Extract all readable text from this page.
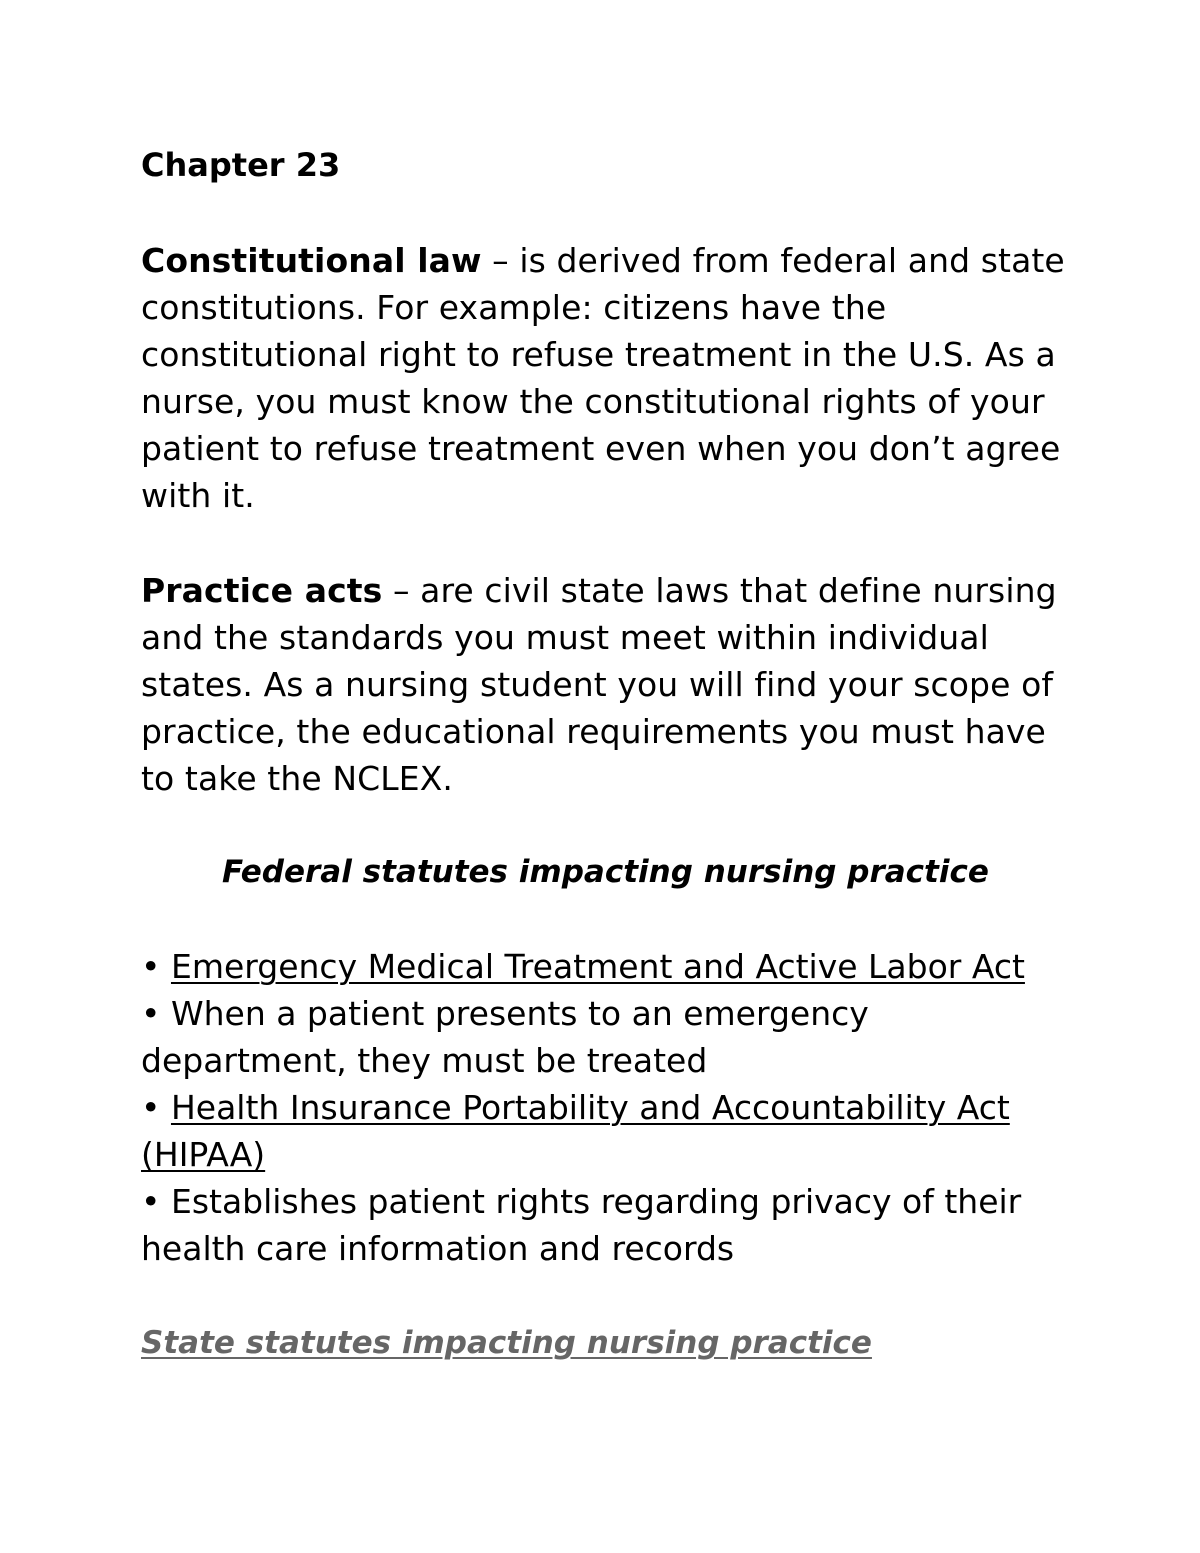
Chapter 23

Constitutional law – is derived from federal and state constitutions. For example: citizens have the constitutional right to refuse treatment in the U.S. As a nurse, you must know the constitutional rights of your patient to refuse treatment even when you don’t agree with it.

Practice acts – are civil state laws that define nursing and the standards you must meet within individual states. As a nursing student you will find your scope of practice, the educational requirements you must have to take the NCLEX.

Federal statutes impacting nursing practice
• Emergency Medical Treatment and Active Labor Act
• When a patient presents to an emergency department, they must be treated
• Health Insurance Portability and Accountability Act (HIPAA)
• Establishes patient rights regarding privacy of their health care information and records
State statutes impacting nursing practice
